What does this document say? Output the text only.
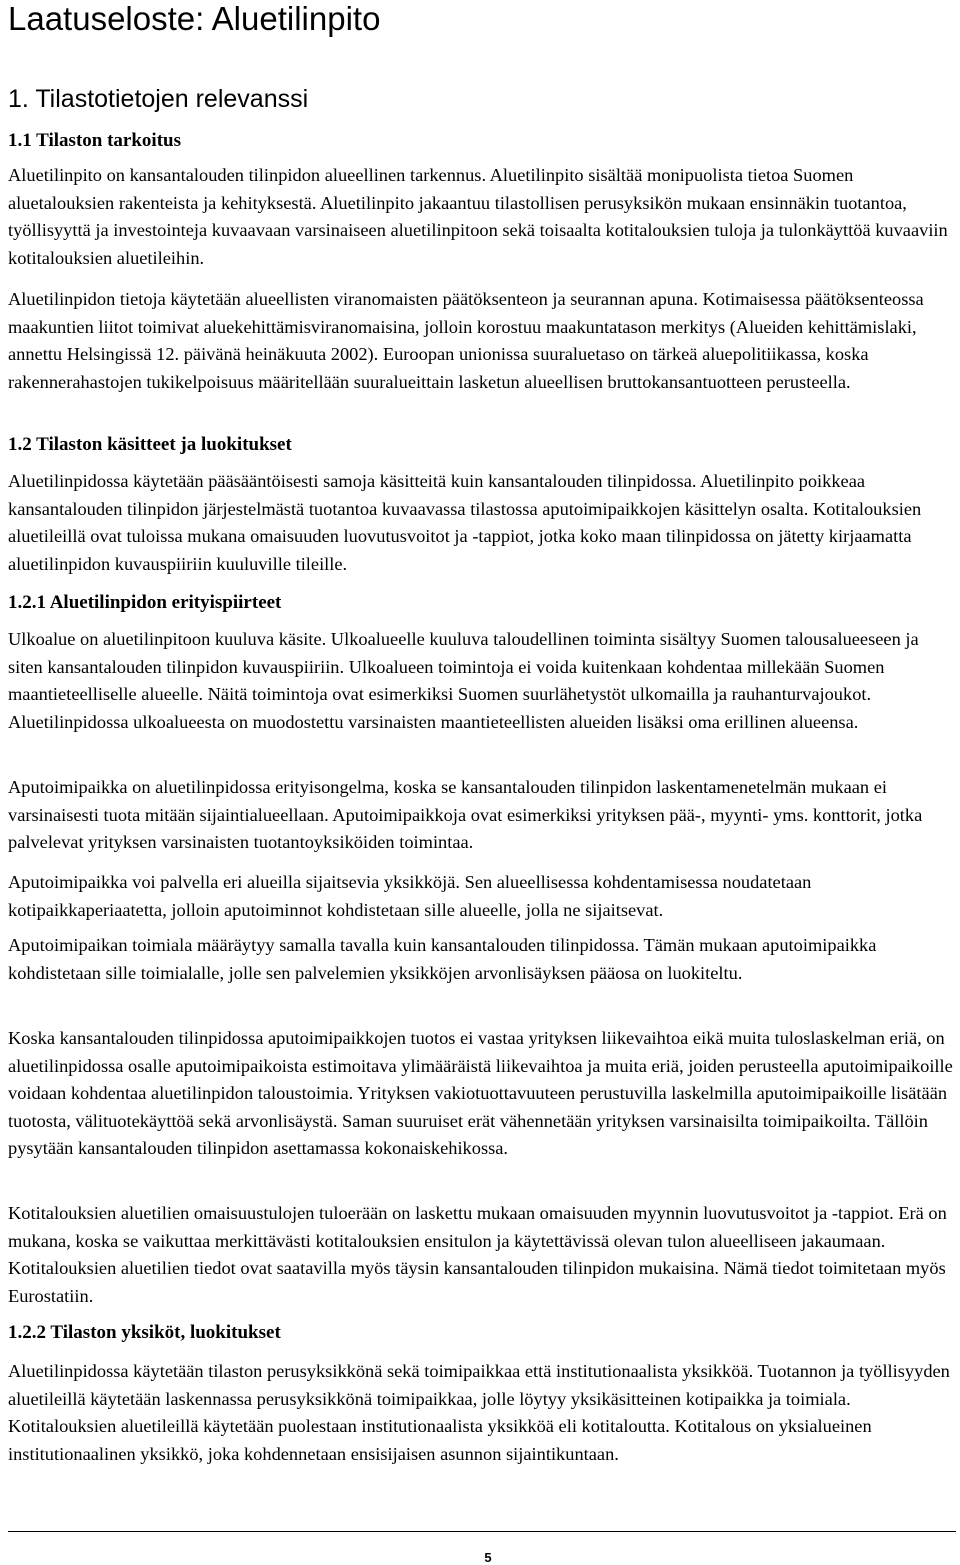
Laatuseloste: Aluetilinpito
1. Tilastotietojen relevanssi
1.1 Tilaston tarkoitus

Aluetilinpito on kansantalouden tilinpidon alueellinen tarkennus. Aluetilinpito sisältää monipuolista tietoa Suomen aluetalouksien rakenteista ja kehityksestä. Aluetilinpito jakaantuu tilastollisen perusyksikön mukaan ensinnäkin tuotantoa, työllisyyttä ja investointeja kuvaavaan varsinaiseen aluetilinpitoon sekä toisaalta kotitalouksien tuloja ja tulonkäyttöä kuvaaviin kotitalouksien aluetileihin.

Aluetilinpidon tietoja käytetään alueellisten viranomaisten päätöksenteon ja seurannan apuna. Kotimaisessa päätöksenteossa maakuntien liitot toimivat aluekehittämisviranomaisina, jolloin korostuu maakuntatason merkitys (Alueiden kehittämislaki, annettu Helsingissä 12. päivänä heinäkuuta 2002). Euroopan unionissa suuraluetaso on tärkeä aluepolitiikassa, koska rakennerahastojen tukikelpoisuus määritellään suuralueittain lasketun alueellisen bruttokansantuotteen perusteella.

1.2 Tilaston käsitteet ja luokitukset

Aluetilinpidossa käytetään pääsääntöisesti samoja käsitteitä kuin kansantalouden tilinpidossa. Aluetilinpito poikkeaa kansantalouden tilinpidon järjestelmästä tuotantoa kuvaavassa tilastossa aputoimipaikkojen käsittelyn osalta. Kotitalouksien aluetileillä ovat tuloissa mukana omaisuuden luovutusvoitot ja -tappiot, jotka koko maan tilinpidossa on jätetty kirjaamatta aluetilinpidon kuvauspiiriin kuuluville tileille.

1.2.1 Aluetilinpidon erityispiirteet

Ulkoalue on aluetilinpitoon kuuluva käsite. Ulkoalueelle kuuluva taloudellinen toiminta sisältyy Suomen talousalueeseen ja siten kansantalouden tilinpidon kuvauspiiriin. Ulkoalueen toimintoja ei voida kuitenkaan kohdentaa millekään Suomen maantieteelliselle alueelle. Näitä toimintoja ovat esimerkiksi Suomen suurlähetystöt ulkomailla ja rauhanturvajoukot. Aluetilinpidossa ulkoalueesta on muodostettu varsinaisten maantieteellisten alueiden lisäksi oma erillinen alueensa.

Aputoimipaikka on aluetilinpidossa erityisongelma, koska se kansantalouden tilinpidon laskentamenetelmän mukaan ei varsinaisesti tuota mitään sijaintialueellaan. Aputoimipaikkoja ovat esimerkiksi yrityksen pää-, myynti- yms. konttorit, jotka palvelevat yrityksen varsinaisten tuotantoyksiköiden toimintaa.

Aputoimipaikka voi palvella eri alueilla sijaitsevia yksikköjä. Sen alueellisessa kohdentamisessa noudatetaan kotipaikkaperiaatetta, jolloin aputoiminnot kohdistetaan sille alueelle, jolla ne sijaitsevat.

Aputoimipaikan toimiala määräytyy samalla tavalla kuin kansantalouden tilinpidossa. Tämän mukaan aputoimipaikka kohdistetaan sille toimialalle, jolle sen palvelemien yksikköjen arvonlisäyksen pääosa on luokiteltu.

Koska kansantalouden tilinpidossa aputoimipaikkojen tuotos ei vastaa yrityksen liikevaihtoa eikä muita tuloslaskelman eriä, on aluetilinpidossa osalle aputoimipaikoista estimoitava ylimääräistä liikevaihtoa ja muita eriä, joiden perusteella aputoimipaikoille voidaan kohdentaa aluetilinpidon taloustoimia. Yrityksen vakiotuottavuuteen perustuvilla laskelmilla aputoimipaikoille lisätään tuotosta, välituotekäyttöä sekä arvonlisäystä. Saman suuruiset erät vähennetään yrityksen varsinaisilta toimipaikoilta. Tällöin pysytään kansantalouden tilinpidon asettamassa kokonaiskehikossa.

Kotitalouksien aluetilien omaisuustulojen tuloerään on laskettu mukaan omaisuuden myynnin luovutusvoitot ja -tappiot. Erä on mukana, koska se vaikuttaa merkittävästi kotitalouksien ensitulon ja käytettävissä olevan tulon alueelliseen jakaumaan. Kotitalouksien aluetilien tiedot ovat saatavilla myös täysin kansantalouden tilinpidon mukaisina. Nämä tiedot toimitetaan myös Eurostatiin.

1.2.2 Tilaston yksiköt, luokitukset

Aluetilinpidossa käytetään tilaston perusyksikkönä sekä toimipaikkaa että institutionaalista yksikköä. Tuotannon ja työllisyyden aluetileillä käytetään laskennassa perusyksikkönä toimipaikkaa, jolle löytyy yksikäsitteinen kotipaikka ja toimiala. Kotitalouksien aluetileillä käytetään puolestaan institutionaalista yksikköä eli kotitaloutta. Kotitalous on yksialueinen institutionaalinen yksikkö, joka kohdennetaan ensisijaisen asunnon sijaintikuntaan.

5
